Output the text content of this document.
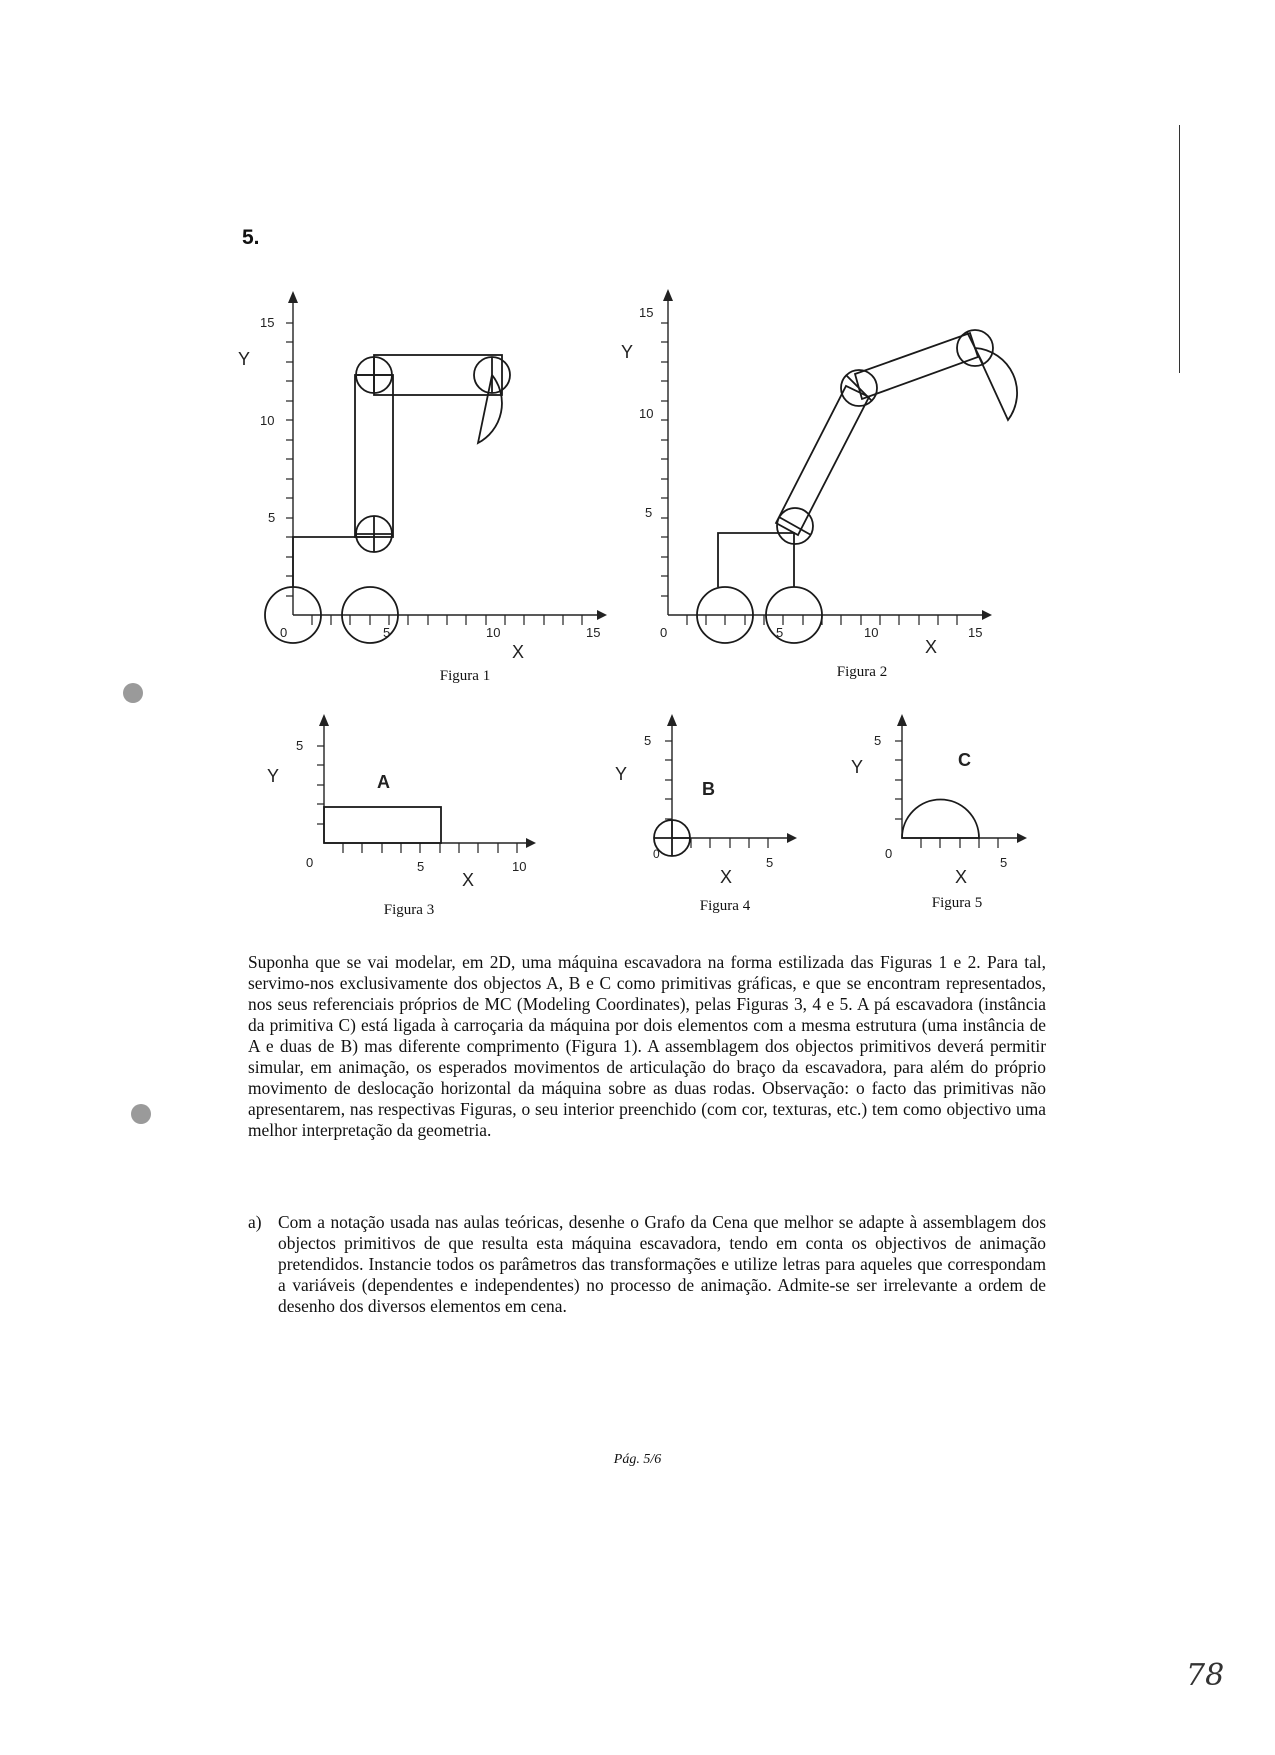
5.
0	5	10	15
5
10
15
X
Y
Figura 1
0	5	10	15
5
10
15
X
Y
Figura 2
A
0	5	10
5
X
Y
Figura 3
B
5
0
5
X
Y
Figura 4
C
5
0
5
X
Y
Figura 5

Suponha que se vai modelar, em 2D, uma máquina escavadora na forma estilizada das Figuras 1 e 2. Para tal, servimo-nos exclusivamente dos objectos A, B e C como primitivas gráficas, e que se encontram representados, nos seus referenciais próprios de MC (Modeling Coordinates), pelas Figuras 3, 4 e 5. A pá escavadora (instância da primitiva C) está ligada à carroçaria da máquina por dois elementos com a mesma estrutura (uma instância de A e duas de B) mas diferente comprimento (Figura 1). A assemblagem dos objectos primitivos deverá permitir simular, em animação, os esperados movimentos de articulação do braço da escavadora, para além do próprio movimento de deslocação horizontal da máquina sobre as duas rodas. Observação: o facto das primitivas não apresentarem, nas respectivas Figuras, o seu interior preenchido (com cor, texturas, etc.) tem como objectivo uma melhor interpretação da geometria.

a) Com a notação usada nas aulas teóricas, desenhe o Grafo da Cena que melhor se adapte à assemblagem dos objectos primitivos de que resulta esta máquina escavadora, tendo em conta os objectivos de animação pretendidos. Instancie todos os parâmetros das transformações e utilize letras para aqueles que correspondam a variáveis (dependentes e independentes) no processo de animação. Admite-se ser irrelevante a ordem de desenho dos diversos elementos em cena.
Pág. 5/6
78
